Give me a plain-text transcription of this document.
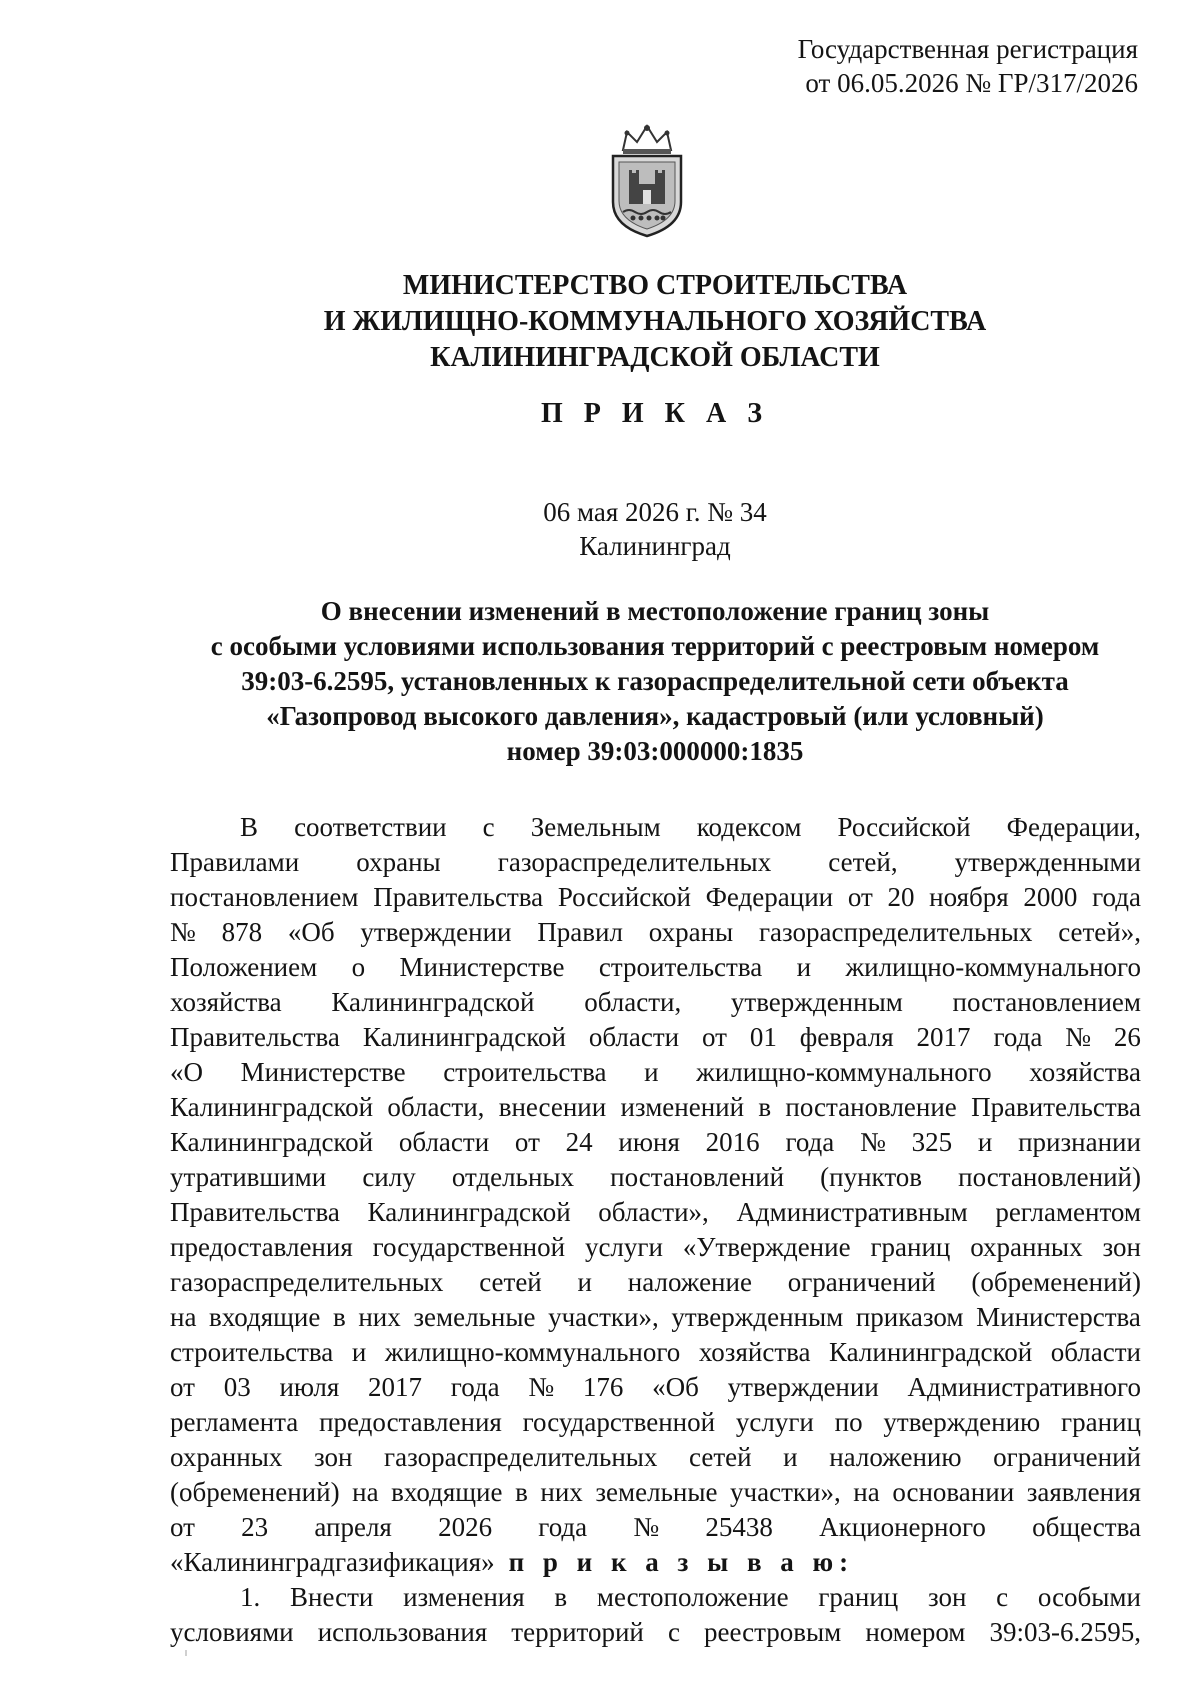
Государственная регистрация
от 06.05.2026 № ГР/317/2026
МИНИСТЕРСТВО СТРОИТЕЛЬСТВА
И ЖИЛИЩНО-КОММУНАЛЬНОГО ХОЗЯЙСТВА
КАЛИНИНГРАДСКОЙ ОБЛАСТИ
П Р И К А З
06 мая 2026 г. № 34
Калининград
О внесении изменений в местоположение границ зоны
с особыми условиями использования территорий с реестровым номером
39:03-6.2595, установленных к газораспределительной сети объекта
«Газопровод высокого давления», кадастровый (или условный)
номер 39:03:000000:1835
В соответствии с Земельным кодексом Российской Федерации,
Правилами охраны газораспределительных сетей, утвержденными
постановлением Правительства Российской Федерации от 20 ноября 2000 года
№ 878 «Об утверждении Правил охраны газораспределительных сетей»,
Положением о Министерстве строительства и жилищно-коммунального
хозяйства Калининградской области, утвержденным постановлением
Правительства Калининградской области от 01 февраля 2017 года № 26
«О Министерстве строительства и жилищно-коммунального хозяйства
Калининградской области, внесении изменений в постановление Правительства
Калининградской области от 24 июня 2016 года № 325 и признании
утратившими силу отдельных постановлений (пунктов постановлений)
Правительства Калининградской области», Административным регламентом
предоставления государственной услуги «Утверждение границ охранных зон
газораспределительных сетей и наложение ограничений (обременений)
на входящие в них земельные участки», утвержденным приказом Министерства
строительства и жилищно-коммунального хозяйства Калининградской области
от 03 июля 2017 года № 176 «Об утверждении Административного
регламента предоставления государственной услуги по утверждению границ
охранных зон газораспределительных сетей и наложению ограничений
(обременений) на входящие в них земельные участки», на основании заявления
от 23 апреля 2026 года № 25438 Акционерного общества
«Калининградгазификация» п р и к а з ы в а ю:
1. Внести изменения в местоположение границ зон с особыми
условиями использования территорий с реестровым номером 39:03-6.2595,
